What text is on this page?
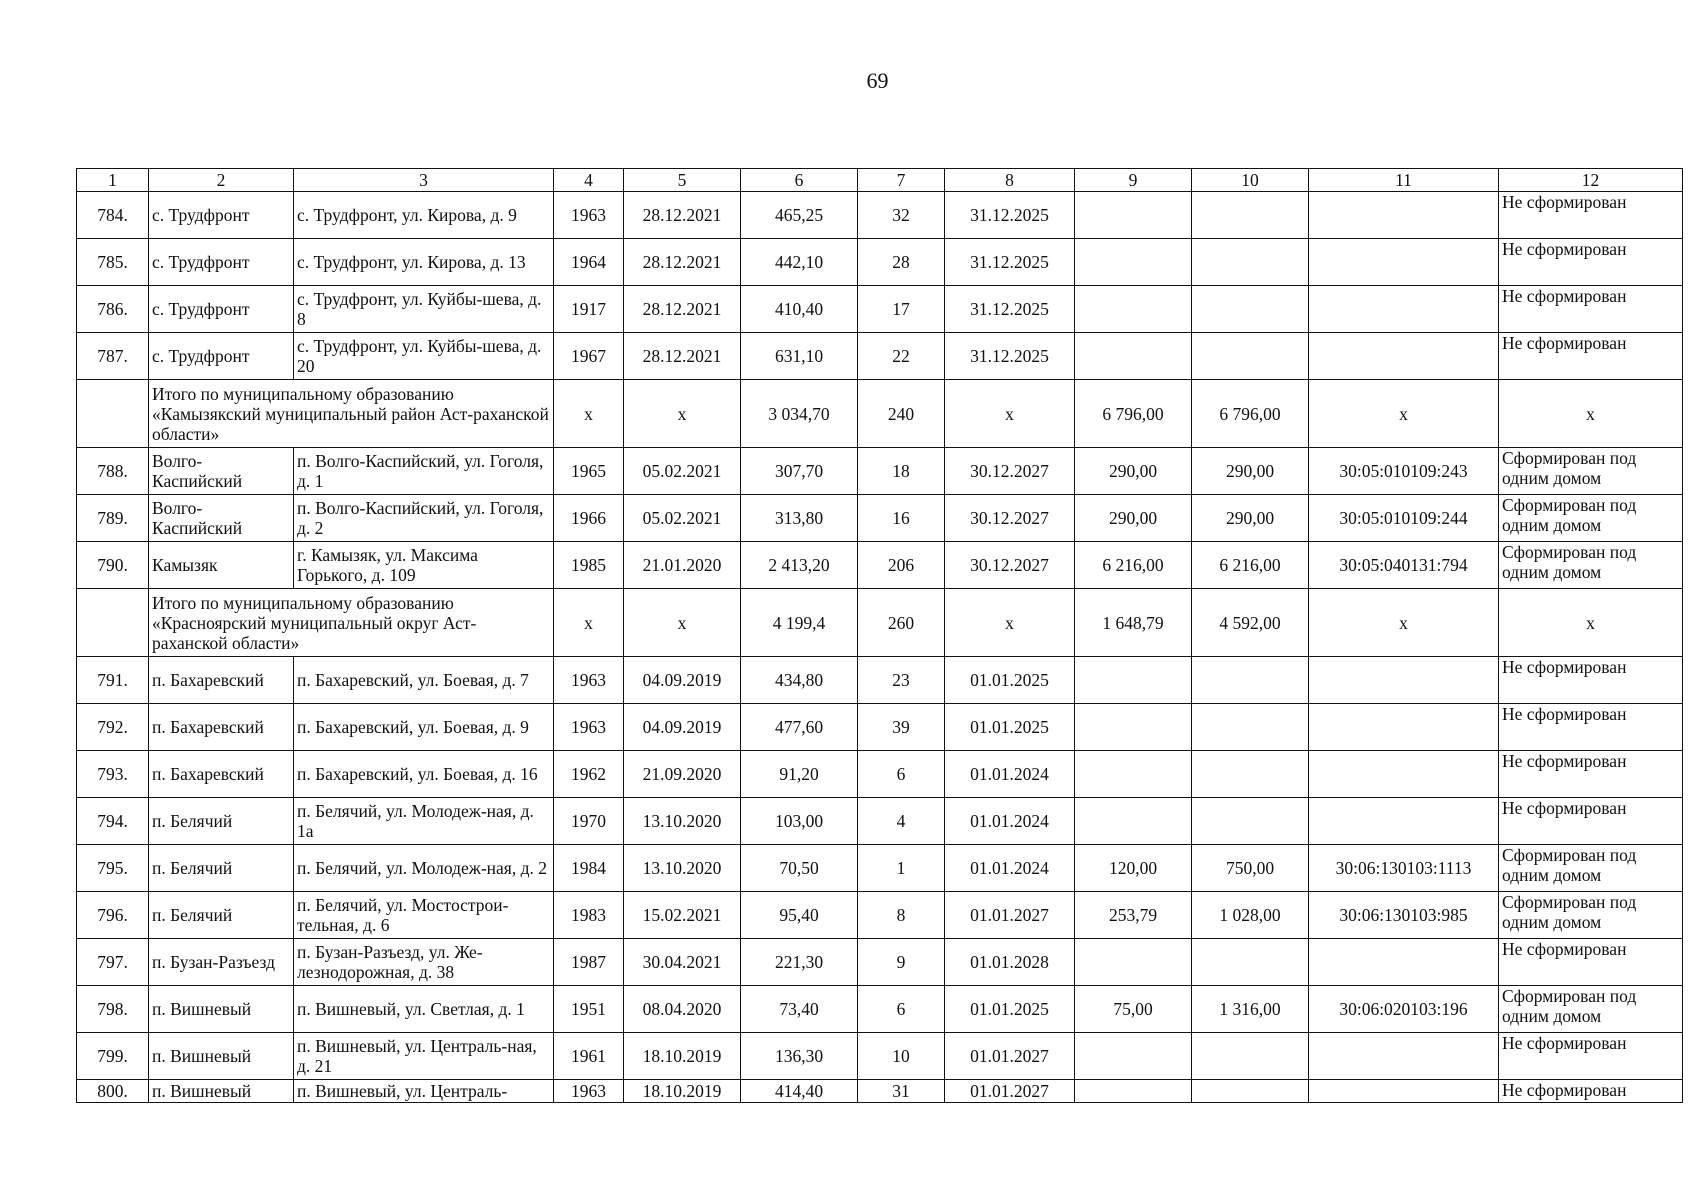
69
1	2	3	4	5	6	7	8	9	10	11	12
784.	с. Трудфронт	с. Трудфронт, ул. Кирова, д. 9	1963	28.12.2021	465,25	32	31.12.2025				Не сформирован
785.	с. Трудфронт	с. Трудфронт, ул. Кирова, д. 13	1964	28.12.2021	442,10	28	31.12.2025				Не сформирован
786.	с. Трудфронт	с. Трудфронт, ул. Куйбы-шева, д. 8	1917	28.12.2021	410,40	17	31.12.2025				Не сформирован
787.	с. Трудфронт	с. Трудфронт, ул. Куйбы-шева, д. 20	1967	28.12.2021	631,10	22	31.12.2025				Не сформирован
	Итого по муниципальному образованию «Камызякский муниципальный район Аст-раханской области»		х	х	3 034,70	240	х	6 796,00	6 796,00	х	х
788.	Волго-Каспийский	п. Волго-Каспийский, ул. Гоголя, д. 1	1965	05.02.2021	307,70	18	30.12.2027	290,00	290,00	30:05:010109:243	Сформирован под одним домом
789.	Волго-Каспийский	п. Волго-Каспийский, ул. Гоголя, д. 2	1966	05.02.2021	313,80	16	30.12.2027	290,00	290,00	30:05:010109:244	Сформирован под одним домом
790.	Камызяк	г. Камызяк, ул. Максима Горького, д. 109	1985	21.01.2020	2 413,20	206	30.12.2027	6 216,00	6 216,00	30:05:040131:794	Сформирован под одним домом
	Итого по муниципальному образованию «Красноярский муниципальный округ Аст-раханской области»		х	х	4 199,4	260	х	1 648,79	4 592,00	х	х
791.	п. Бахаревский	п. Бахаревский, ул. Боевая, д. 7	1963	04.09.2019	434,80	23	01.01.2025				Не сформирован
792.	п. Бахаревский	п. Бахаревский, ул. Боевая, д. 9	1963	04.09.2019	477,60	39	01.01.2025				Не сформирован
793.	п. Бахаревский	п. Бахаревский, ул. Боевая, д. 16	1962	21.09.2020	91,20	6	01.01.2024				Не сформирован
794.	п. Белячий	п. Белячий, ул. Молодеж-ная, д. 1а	1970	13.10.2020	103,00	4	01.01.2024				Не сформирован
795.	п. Белячий	п. Белячий, ул. Молодеж-ная, д. 2	1984	13.10.2020	70,50	1	01.01.2024	120,00	750,00	30:06:130103:1113	Сформирован под одним домом
796.	п. Белячий	п. Белячий, ул. Мостострои-тельная, д. 6	1983	15.02.2021	95,40	8	01.01.2027	253,79	1 028,00	30:06:130103:985	Сформирован под одним домом
797.	п. Бузан-Разъезд	п. Бузан-Разъезд, ул. Же-лезнодорожная, д. 38	1987	30.04.2021	221,30	9	01.01.2028				Не сформирован
798.	п. Вишневый	п. Вишневый, ул. Светлая, д. 1	1951	08.04.2020	73,40	6	01.01.2025	75,00	1 316,00	30:06:020103:196	Сформирован под одним домом
799.	п. Вишневый	п. Вишневый, ул. Централь-ная, д. 21	1961	18.10.2019	136,30	10	01.01.2027				Не сформирован
800.	п. Вишневый	п. Вишневый, ул. Централь-	1963	18.10.2019	414,40	31	01.01.2027				Не сформирован
